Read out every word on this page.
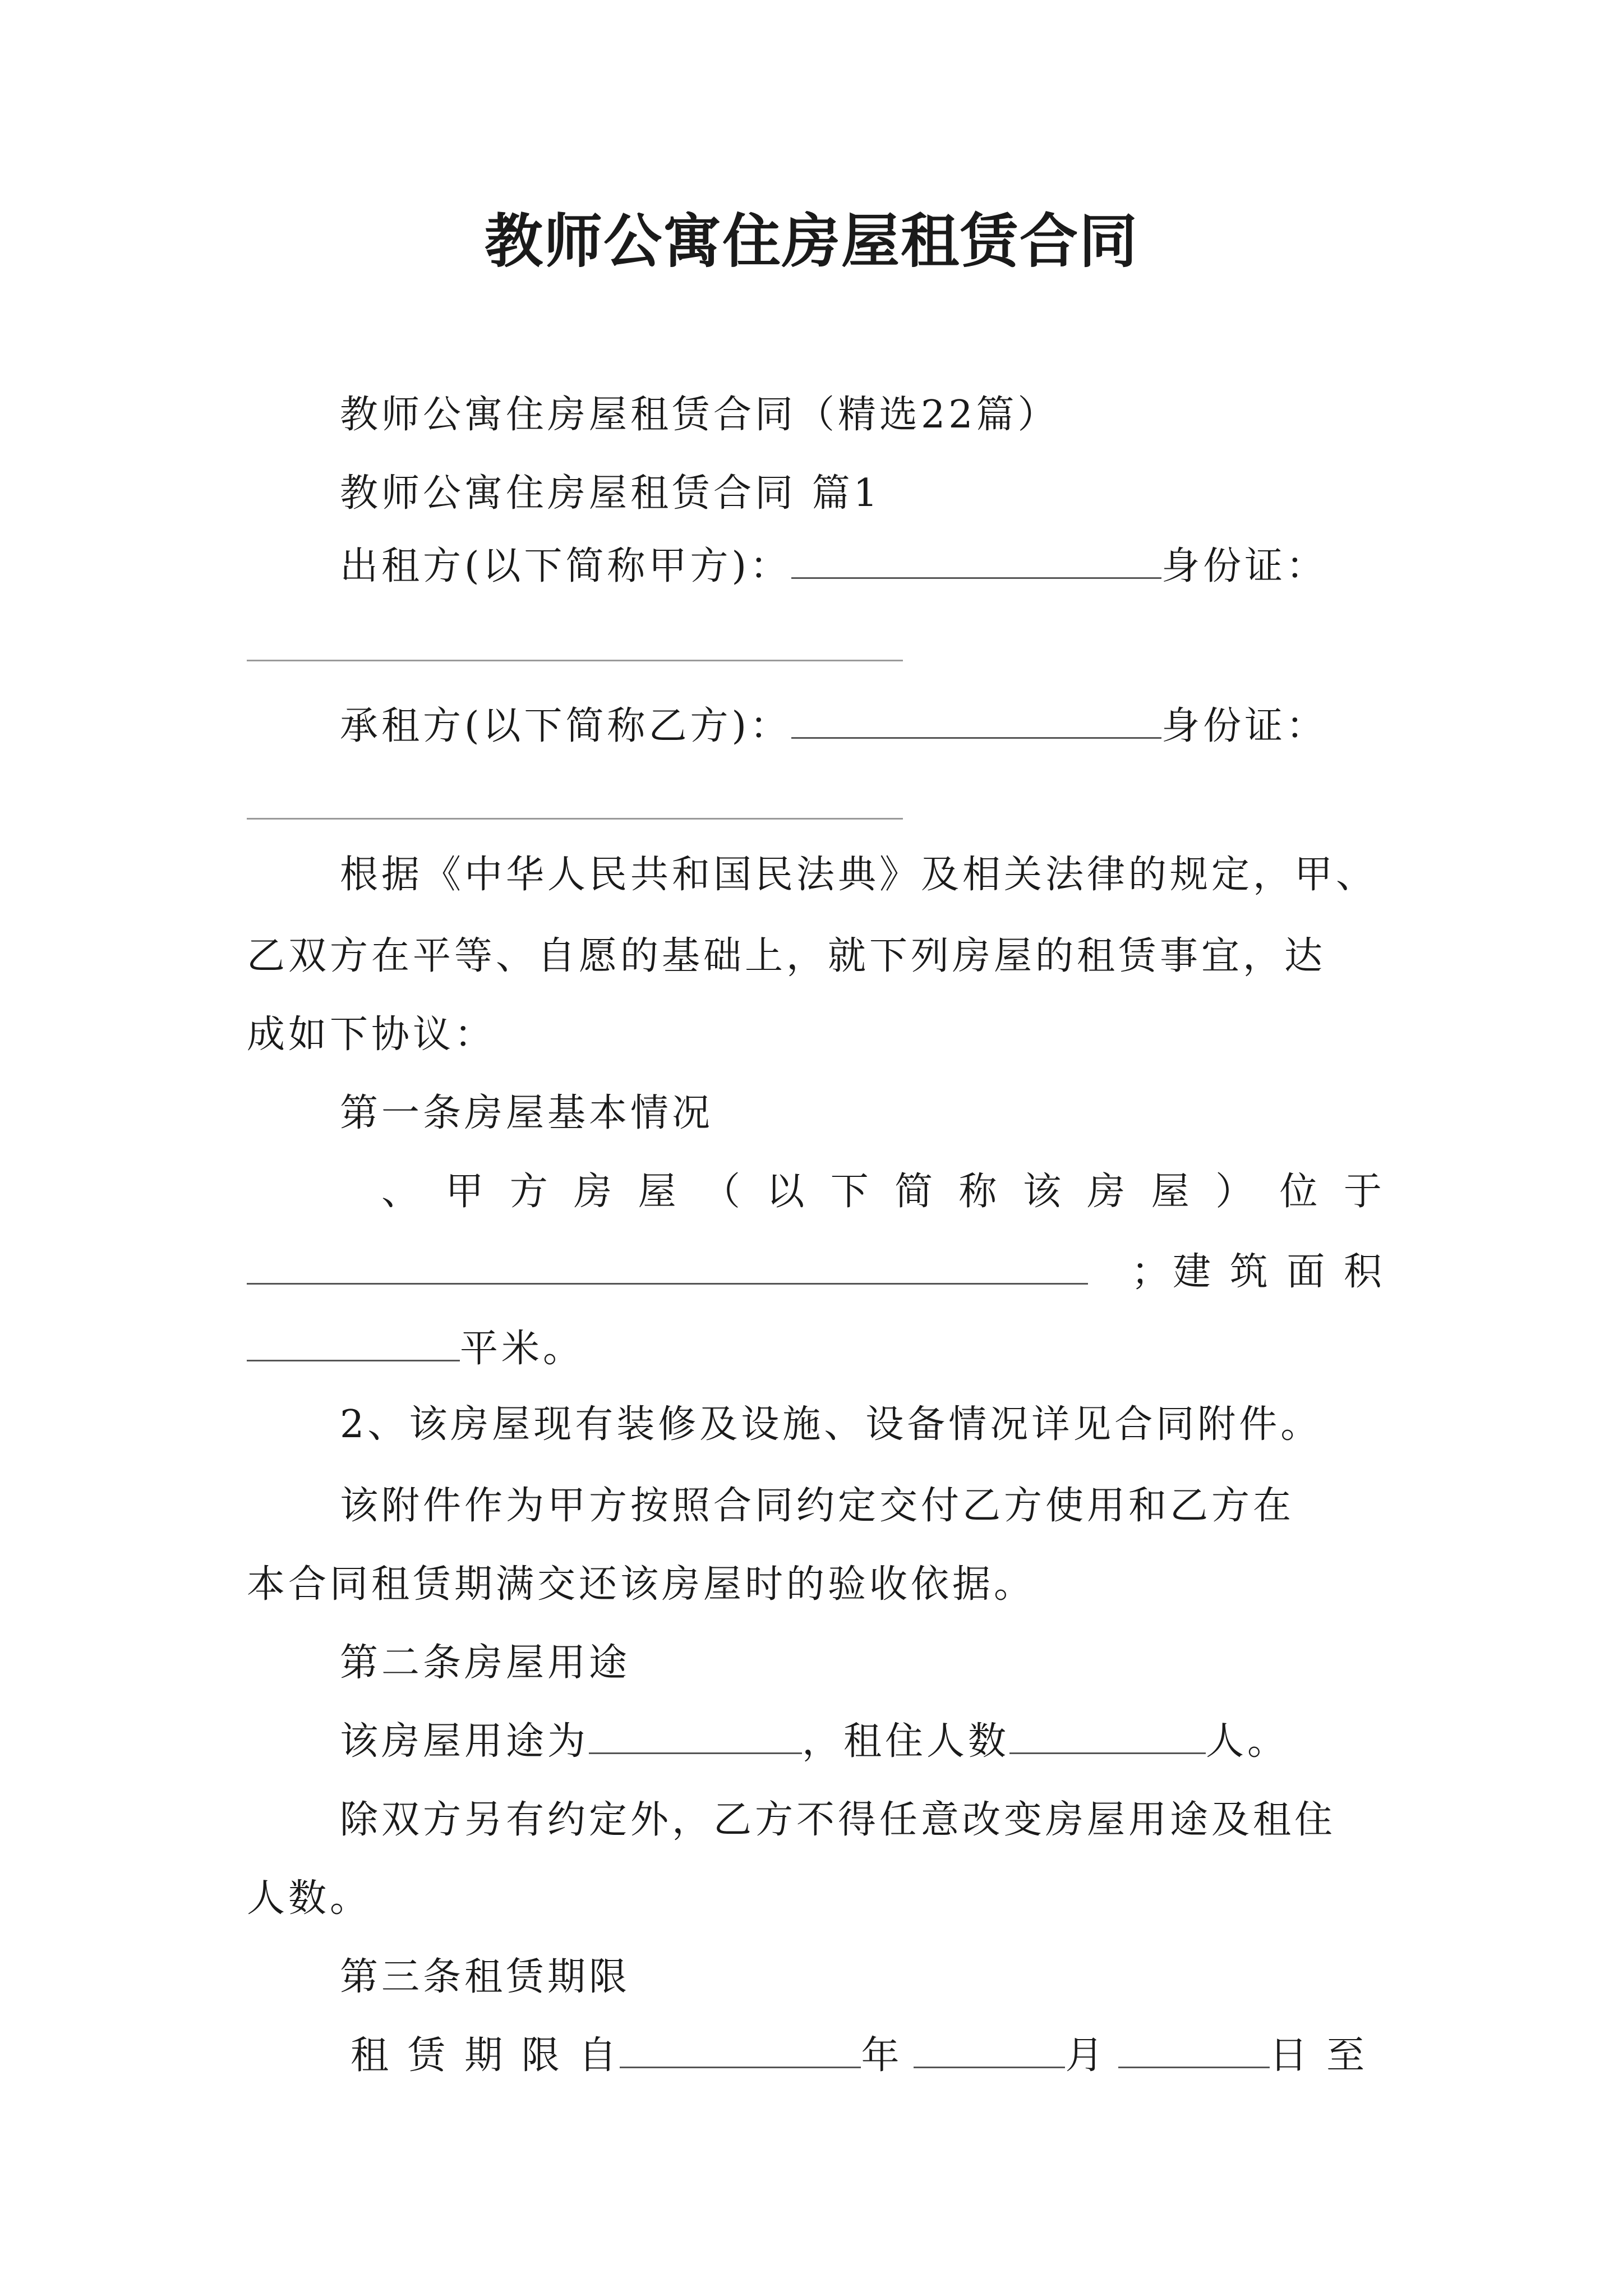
教师公寓住房屋租赁合同

教师公寓住房屋租赁合同（精选22篇）

教师公寓住房屋租赁合同 篇1

出租方(以下简称甲方)：	身份证：

承租方(以下简称乙方)：	身份证：

根据《中华人民共和国民法典》及相关法律的规定，甲、

乙双方在平等、自愿的基础上，就下列房屋的租赁事宜，达

成如下协议：

第一条房屋基本情况

、 甲 方 房 屋 （ 以 下 简 称 该 房 屋 ） 位 于

；建 筑 面 积

平米。

2、该房屋现有装修及设施、设备情况详见合同附件。

该附件作为甲方按照合同约定交付乙方使用和乙方在

本合同租赁期满交还该房屋时的验收依据。

第二条房屋用途

该房屋用途为	，租住人数	人。

除双方另有约定外，乙方不得任意改变房屋用途及租住

人数。

第三条租赁期限

租 赁 期 限 自	年	月	日 至
